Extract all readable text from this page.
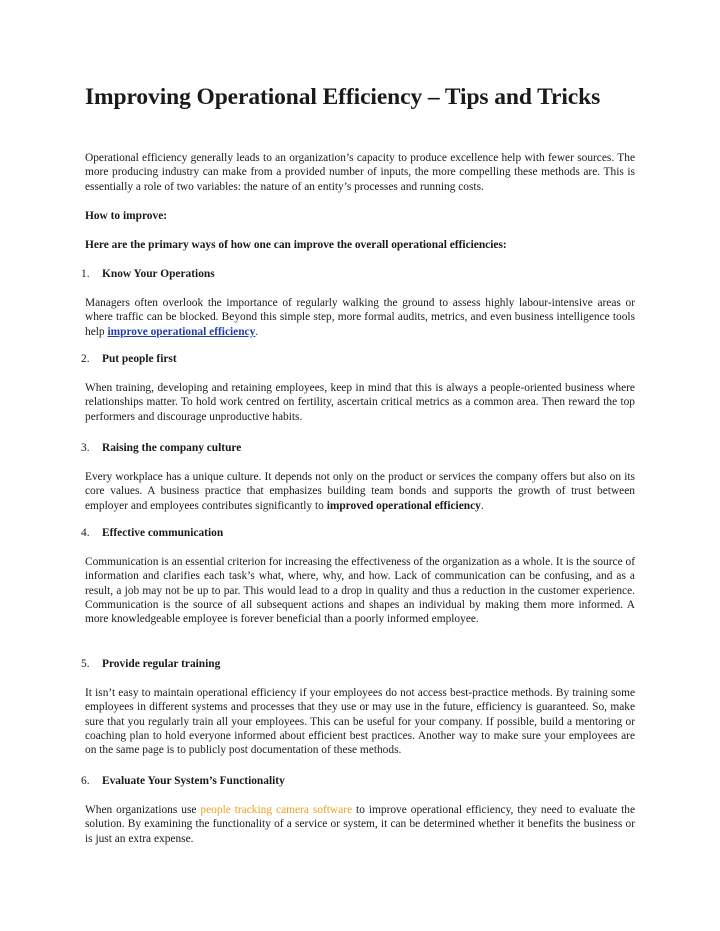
Improving Operational Efficiency – Tips and Tricks

Operational efficiency generally leads to an organization’s capacity to produce excellence help with fewer sources. The more producing industry can make from a provided number of inputs, the more compelling these methods are. This is essentially a role of two variables: the nature of an entity’s processes and running costs.

How to improve:

Here are the primary ways of how one can improve the overall operational efficiencies:

1. Know Your Operations

Managers often overlook the importance of regularly walking the ground to assess highly labour-intensive areas or where traffic can be blocked. Beyond this simple step, more formal audits, metrics, and even business intelligence tools help improve operational efficiency.

2. Put people first

When training, developing and retaining employees, keep in mind that this is always a people-oriented business where relationships matter. To hold work centred on fertility, ascertain critical metrics as a common area. Then reward the top performers and discourage unproductive habits.

3. Raising the company culture

Every workplace has a unique culture. It depends not only on the product or services the company offers but also on its core values. A business practice that emphasizes building team bonds and supports the growth of trust between employer and employees contributes significantly to improved operational efficiency.

4. Effective communication

Communication is an essential criterion for increasing the effectiveness of the organization as a whole. It is the source of information and clarifies each task’s what, where, why, and how. Lack of communication can be confusing, and as a result, a job may not be up to par. This would lead to a drop in quality and thus a reduction in the customer experience. Communication is the source of all subsequent actions and shapes an individual by making them more informed. A more knowledgeable employee is forever beneficial than a poorly informed employee.

5. Provide regular training

It isn’t easy to maintain operational efficiency if your employees do not access best-practice methods. By training some employees in different systems and processes that they use or may use in the future, efficiency is guaranteed. So, make sure that you regularly train all your employees. This can be useful for your company. If possible, build a mentoring or coaching plan to hold everyone informed about efficient best practices. Another way to make sure your employees are on the same page is to publicly post documentation of these methods.

6. Evaluate Your System’s Functionality

When organizations use people tracking camera software to improve operational efficiency, they need to evaluate the solution. By examining the functionality of a service or system, it can be determined whether it benefits the business or is just an extra expense.
